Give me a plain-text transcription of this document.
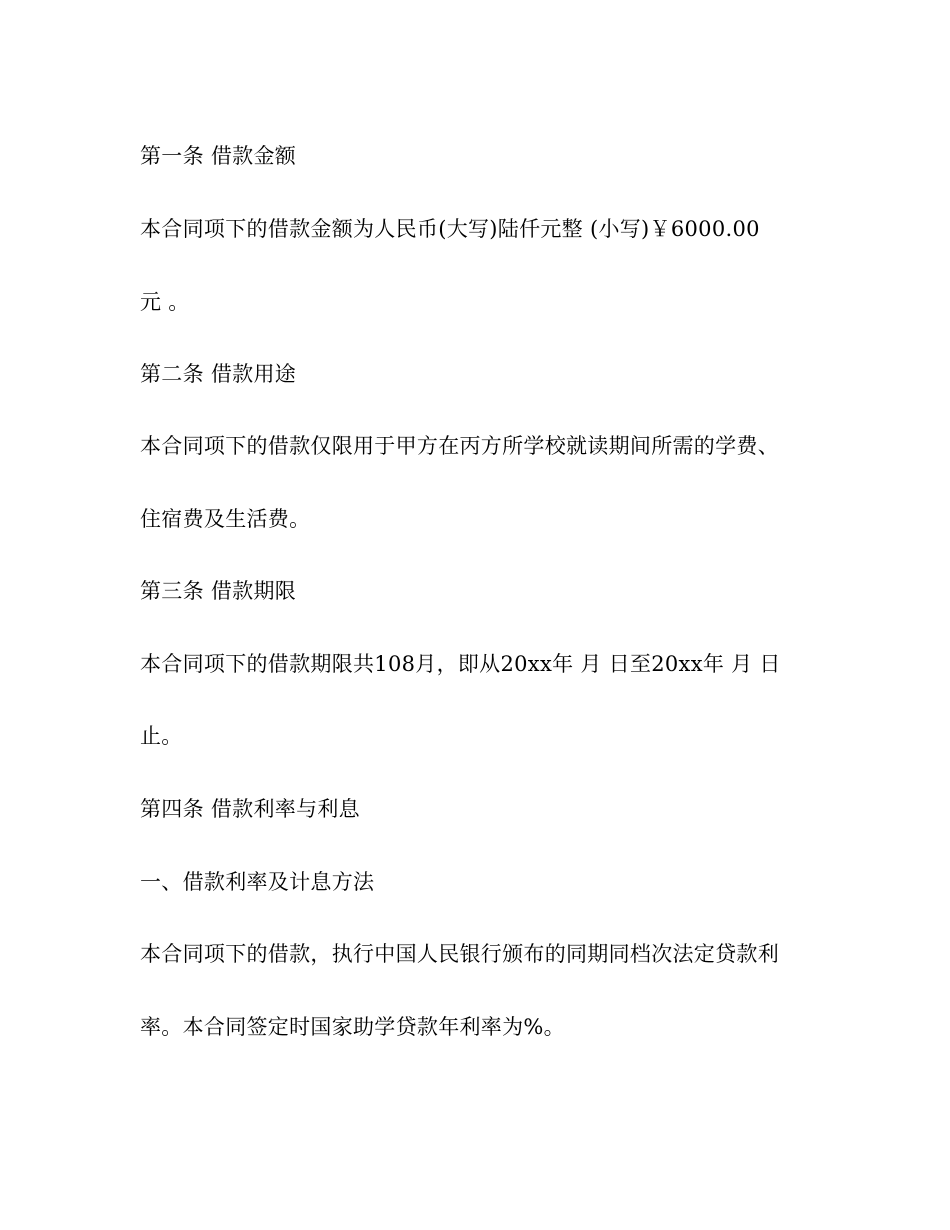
第一条 借款金额
本合同项下的借款金额为人民币(大写)陆仟元整 (小写)￥6000.00
元 。
第二条 借款用途
本合同项下的借款仅限用于甲方在丙方所学校就读期间所需的学费、
住宿费及生活费。
第三条 借款期限
本合同项下的借款期限共108月，即从20xx年 月 日至20xx年 月 日
止。
第四条 借款利率与利息
一、借款利率及计息方法
本合同项下的借款，执行中国人民银行颁布的同期同档次法定贷款利
率。本合同签定时国家助学贷款年利率为%。
